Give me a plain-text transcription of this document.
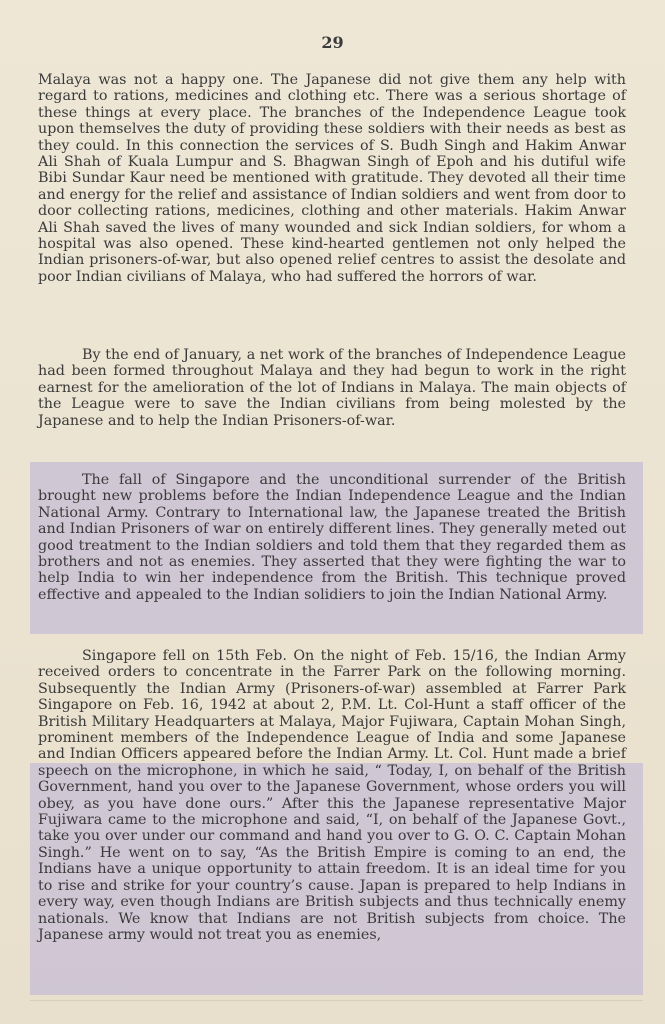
29
Malaya was not a happy one. The Japanese did not give them any help with regard to rations, medicines and clothing etc. There was a serious shortage of these things at every place. The branches of the Independence League took upon themselves the duty of providing these soldiers with their needs as best as they could. In this connection the services of S. Budh Singh and Hakim Anwar Ali Shah of Kuala Lumpur and S. Bhagwan Singh of Epoh and his dutiful wife Bibi Sundar Kaur need be mentioned with gratitude. They devoted all their time and energy for the relief and assistance of Indian soldiers and went from door to door collecting rations, medicines, clothing and other materials. Hakim Anwar Ali Shah saved the lives of many wounded and sick Indian soldiers, for whom a hospital was also opened. These kind-hearted gentlemen not only helped the Indian prisoners-of-war, but also opened relief centres to assist the desolate and poor Indian civilians of Malaya, who had suffered the horrors of war.
By the end of January, a net work of the branches of Independence League had been formed throughout Malaya and they had begun to work in the right earnest for the amelioration of the lot of Indians in Malaya. The main objects of the League were to save the Indian civilians from being molested by the Japanese and to help the Indian Prisoners-of-war.
The fall of Singapore and the unconditional surrender of the British brought new problems before the Indian Independence League and the Indian National Army. Contrary to International law, the Japanese treated the British and Indian Prisoners of war on entirely different lines. They generally meted out good treatment to the Indian soldiers and told them that they regarded them as brothers and not as enemies. They asserted that they were fighting the war to help India to win her independence from the British. This technique proved effective and appealed to the Indian solidiers to join the Indian National Army.
Singapore fell on 15th Feb. On the night of Feb. 15/16, the Indian Army received orders to concentrate in the Farrer Park on the following morning. Subsequently the Indian Army (Prisoners-of-war) assembled at Farrer Park Singapore on Feb. 16, 1942 at about 2, P.M. Lt. Col-Hunt a staff officer of the British Military Headquarters at Malaya, Major Fujiwara, Captain Mohan Singh, prominent members of the Independence League of India and some Japanese and Indian Officers appeared before the Indian Army. Lt. Col. Hunt made a brief speech on the microphone, in which he said, “ Today, I, on behalf of the British Government, hand you over to the Japanese Government, whose orders you will obey, as you have done ours.” After this the Japanese representative Major Fujiwara came to the microphone and said, “I, on behalf of the Japanese Govt., take you over under our command and hand you over to G. O. C. Captain Mohan Singh.” He went on to say, “As the British Empire is coming to an end, the Indians have a unique opportunity to attain freedom. It is an ideal time for you to rise and strike for your country’s cause. Japan is prepared to help Indians in every way, even though Indians are British subjects and thus technically enemy nationals. We know that Indians are not British subjects from choice. The Japanese army would not treat you as enemies,
